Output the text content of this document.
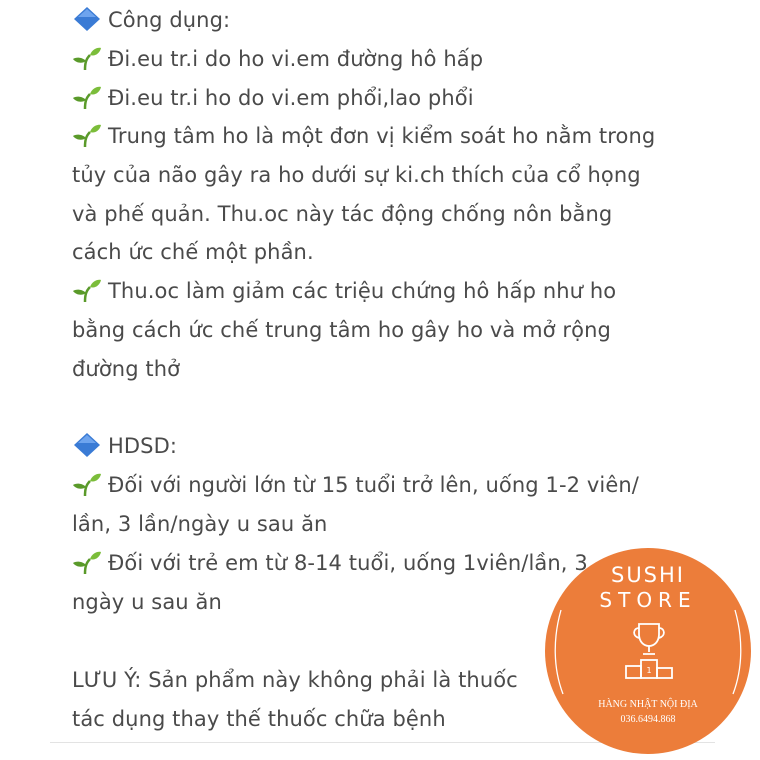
Công dụng:
Đi.eu tr.i do ho vi.em đường hô hấp
Đi.eu tr.i ho do vi.em phổi,lao phổi
Trung tâm ho là một đơn vị kiểm soát ho nằm trong
tủy của não gây ra ho dưới sự ki.ch thích của cổ họng
và phế quản. Thu.oc này tác động chống nôn bằng
cách ức chế một phần.
Thu.oc làm giảm các triệu chứng hô hấp như ho
bằng cách ức chế trung tâm ho gây ho và mở rộng
đường thở
HDSD:
Đối với người lớn từ 15 tuổi trở lên, uống 1-2 viên/
lần, 3 lần/ngày u sau ăn
Đối với trẻ em từ 8-14 tuổi, uống 1viên/lần, 3
ngày u sau ăn
LƯU Ý: Sản phẩm này không phải là thuốc
tác dụng thay thế thuốc chữa bệnh
SUSHI
STORE
1
HÀNG NHẬT NỘI ĐỊA
036.6494.868
